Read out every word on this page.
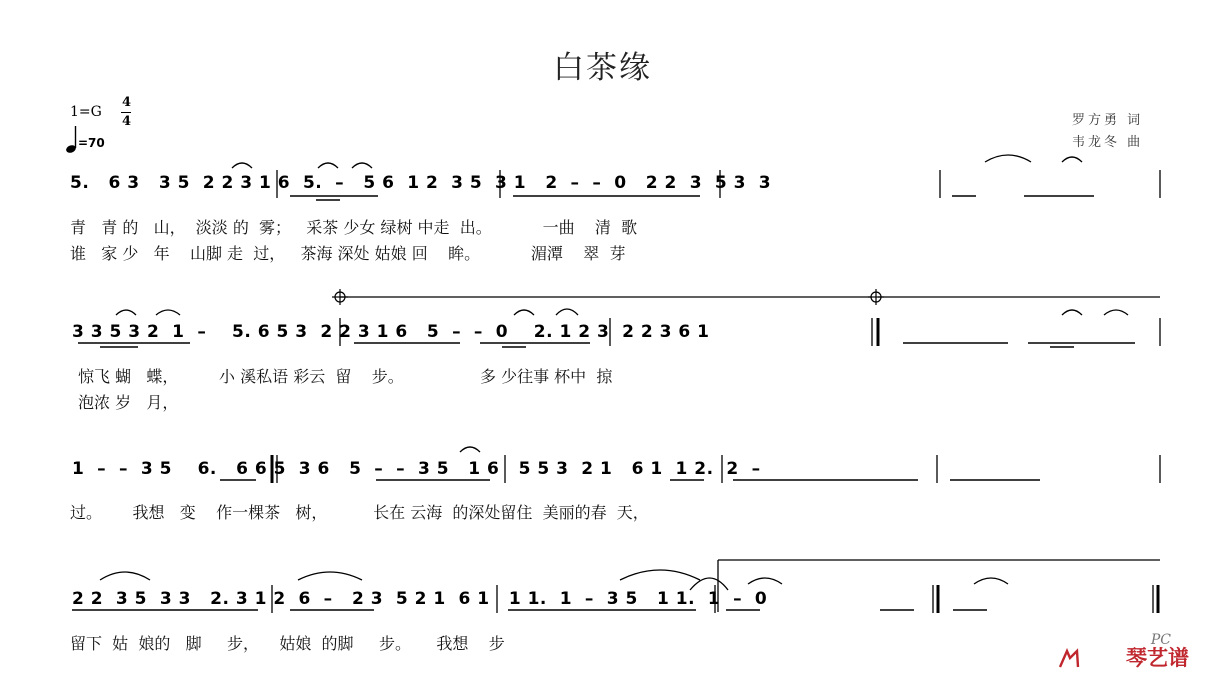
白茶缘
1=G
4
4
=70
罗方勇 词
韦龙冬 曲
5.   6 3   3 5  2 2 3 1 6  5.  –   5 6  1 2  3 5  3 1   2  –  –  0   2 2  3  5 3  3
青   青 的   山，  淡淡 的  雾；   采茶 少女 绿树 中走  出。          一曲    清  歌
谁   家 少   年    山脚 走  过，   茶海 深处 姑娘 回    眸。          湄潭    翠  芽
3 3 5 3 2  1  –    5. 6 5 3  2 2 3 1 6   5  –  –  0    2. 1 2 3  2 2 3 6 1
惊飞 蝴   蝶，        小 溪私语 彩云  留    步。               多 少往事 杯中  掠
泡浓 岁   月，
1  –  –  3 5    6.   6 6 5  3 6   5  –  –  3 5   1 6   5 5 3  2 1   6 1  1 2.  2  –
过。      我想   变    作一棵茶   树，         长在 云海  的深处留住  美丽的春  天，
2 2  3 5  3 3   2. 3 1 2  6  –   2 3  5 2 1  6 1   1 1.  1  –  3 5   1 1.  1  –  0
留下  姑  娘的   脚     步，    姑娘  的脚     步。     我想    步	PC
琴艺谱
